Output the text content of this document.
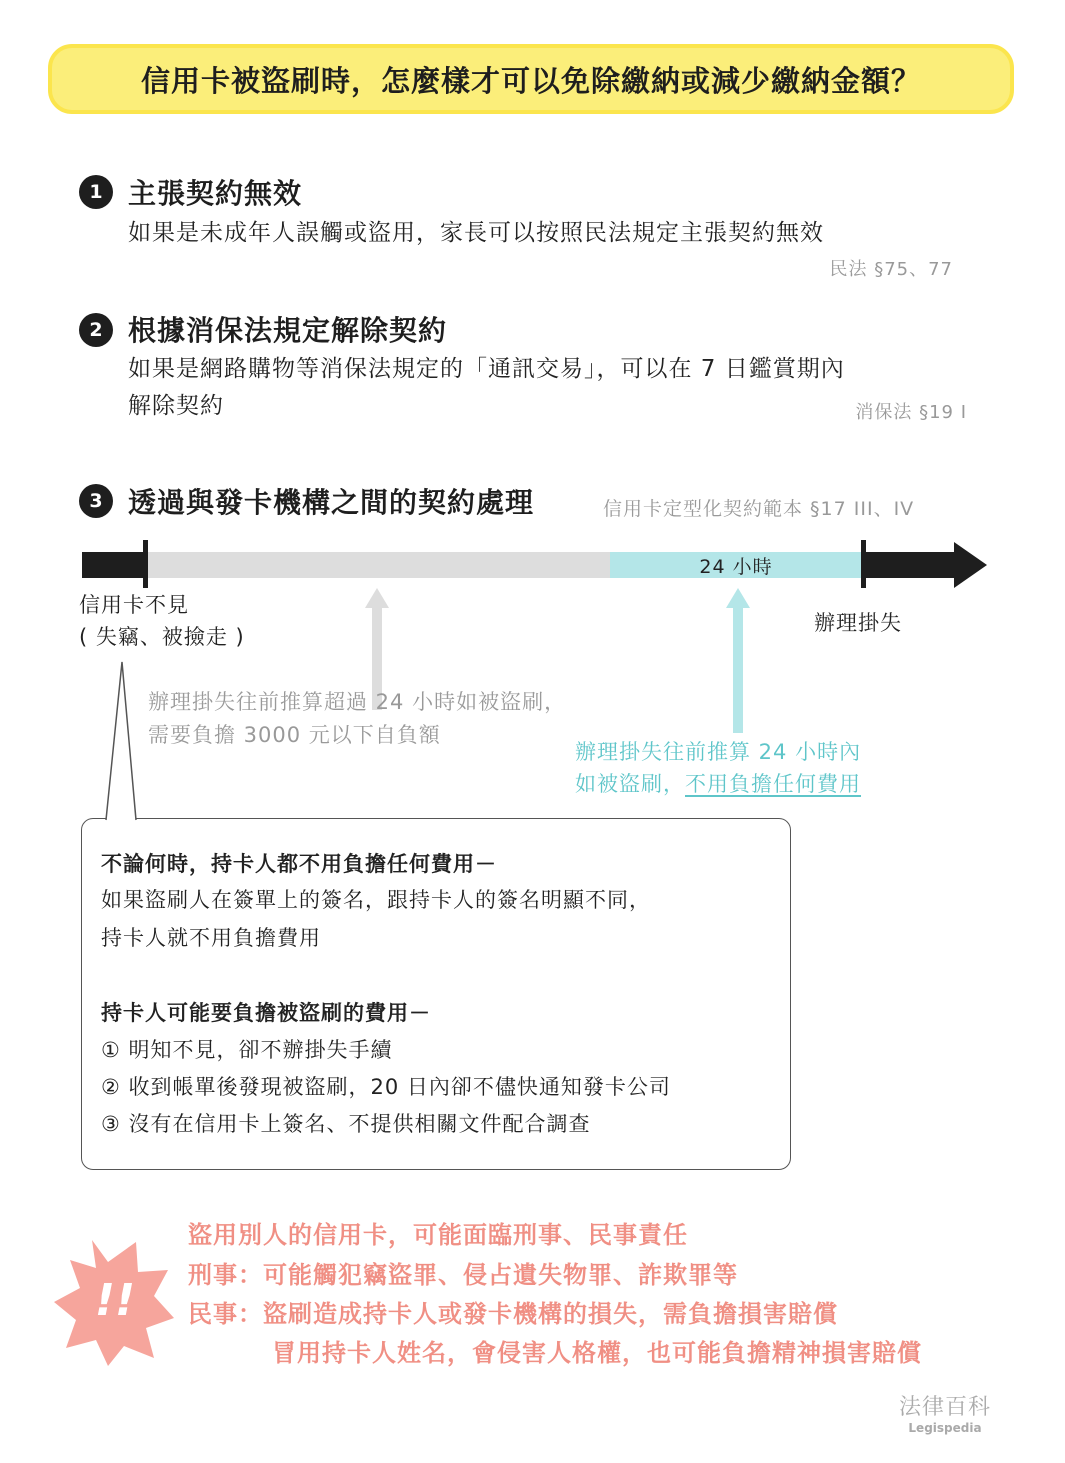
信用卡被盜刷時，怎麼樣才可以免除繳納或減少繳納金額？
1 主張契約無效
如果是未成年人誤觸或盜用，家長可以按照民法規定主張契約無效
民法 §75、77
2 根據消保法規定解除契約
如果是網路購物等消保法規定的「通訊交易」，可以在 7 日鑑賞期內
解除契約	消保法 §19 I
3 透過與發卡機構之間的契約處理	信用卡定型化契約範本 §17 III、IV
24 小時
信用卡不見
( 失竊、被撿走 )
辦理掛失
辦理掛失往前推算超過 24 小時如被盜刷，
需要負擔 3000 元以下自負額
辦理掛失往前推算 24 小時內
如被盜刷，不用負擔任何費用
不論何時，持卡人都不用負擔任何費用－
如果盜刷人在簽單上的簽名，跟持卡人的簽名明顯不同，
持卡人就不用負擔費用
持卡人可能要負擔被盜刷的費用－
① 明知不見，卻不辦掛失手續
② 收到帳單後發現被盜刷，20 日內卻不儘快通知發卡公司
③ 沒有在信用卡上簽名、不提供相關文件配合調查
!!
盜用別人的信用卡，可能面臨刑事、民事責任
刑事：可能觸犯竊盜罪、侵占遺失物罪、詐欺罪等
民事：盜刷造成持卡人或發卡機構的損失，需負擔損害賠償
冒用持卡人姓名，會侵害人格權，也可能負擔精神損害賠償
法律百科
Legispedia
